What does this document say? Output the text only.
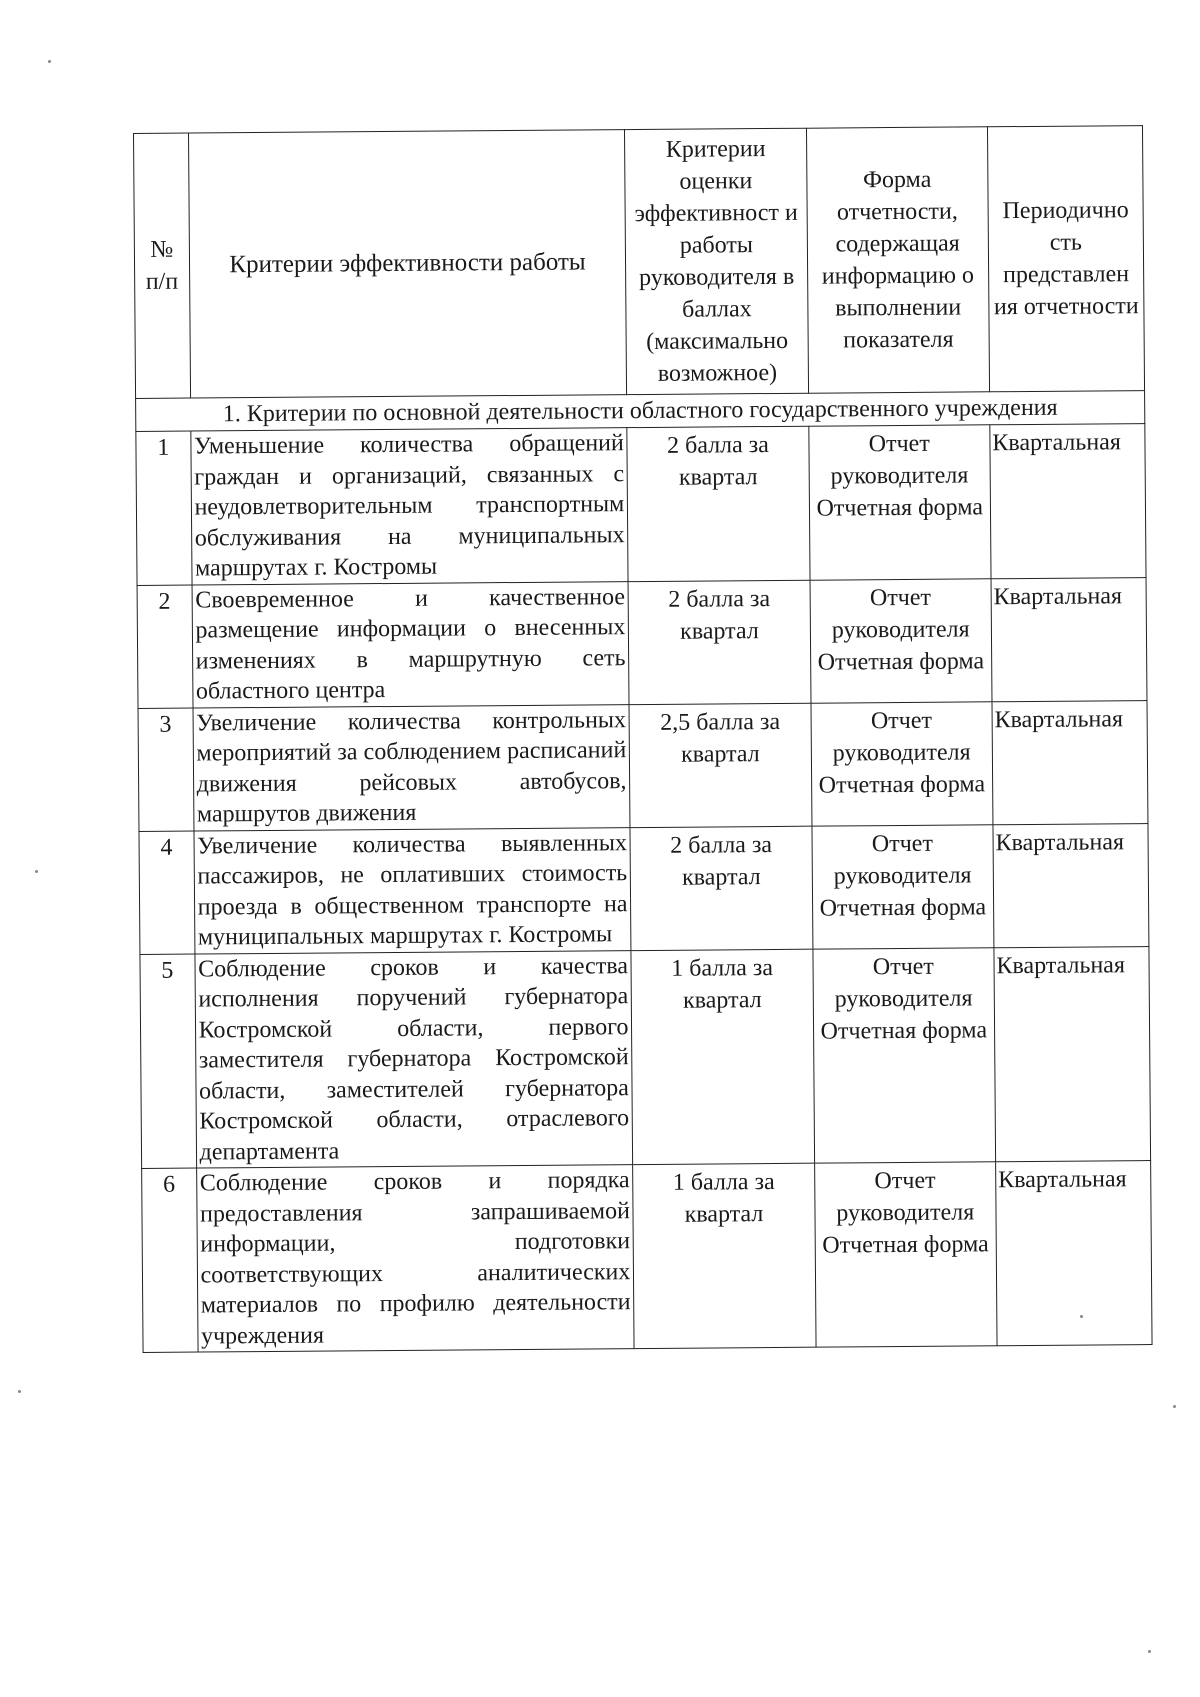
№ п/п	Критерии эффективности работы	Критерии оценки эффективност и работы руководителя в баллах (максимально возможное)	Форма отчетности, содержащая информацию о выполнении показателя	Периодично сть представлен ия отчетности
1. Критерии по основной деятельности областного государственного учреждения				
1	Уменьшение количества обращений граждан и организаций, связанных с неудовлетворительным транспортным обслуживания на муниципальных маршрутах г. Костромы	2 балла за квартал	Отчет руководителя Отчетная форма	Квартальная
2	Своевременное и качественное размещение информации о внесенных изменениях в маршрутную сеть областного центра	2 балла за квартал	Отчет руководителя Отчетная форма	Квартальная
3	Увеличение количества контрольных мероприятий за соблюдением расписаний движения рейсовых автобусов, маршрутов движения	2,5 балла за квартал	Отчет руководителя Отчетная форма	Квартальная
4	Увеличение количества выявленных пассажиров, не оплативших стоимость проезда в общественном транспорте на муниципальных маршрутах г. Костромы	2 балла за квартал	Отчет руководителя Отчетная форма	Квартальная
5	Соблюдение сроков и качества исполнения поручений губернатора Костромской области, первого заместителя губернатора Костромской области, заместителей губернатора Костромской области, отраслевого департамента	1 балла за квартал	Отчет руководителя Отчетная форма	Квартальная
6	Соблюдение сроков и порядка предоставления запрашиваемой информации, подготовки соответствующих аналитических материалов по профилю деятельности учреждения	1 балла за квартал	Отчет руководителя Отчетная форма	Квартальная
